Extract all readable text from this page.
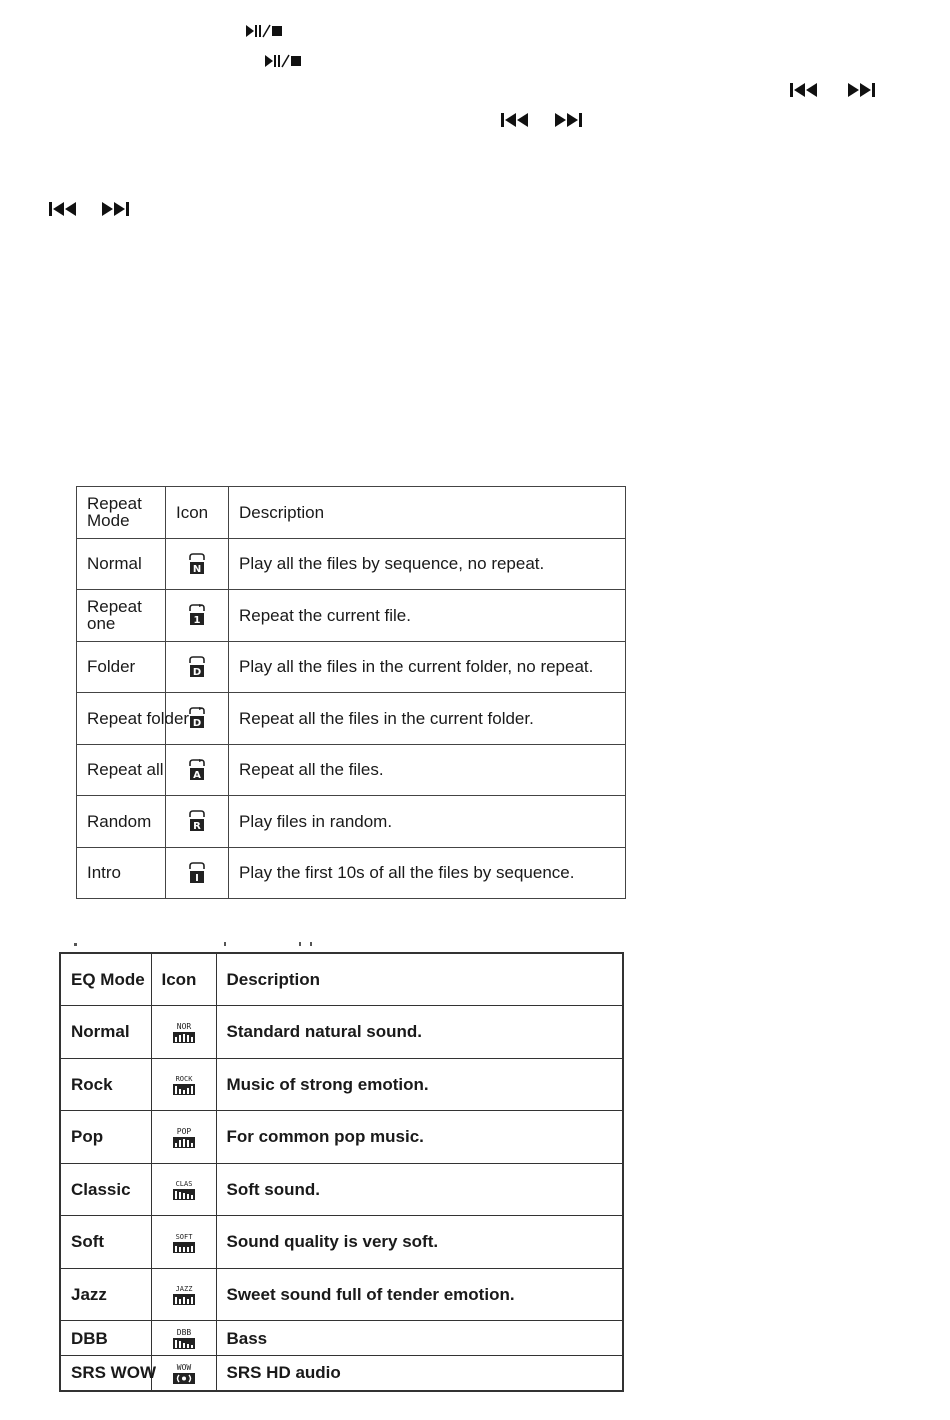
Repeat Mode	Icon	Description
Normal	N	Play all the files by sequence, no repeat.
Repeat one	1	Repeat the current file.
Folder	D	Play all the files in the current folder, no repeat.
Repeat folder	D	Repeat all the files in the current folder.
Repeat all	A	Repeat all the files.
Random	R	Play files in random.
Intro	I	Play the first 10s of all the files by sequence.
EQ Mode	Icon	Description
Normal	NOR	Standard natural sound.
Rock	ROCK	Music of strong emotion.
Pop	POP	For common pop music.
Classic	CLAS	Soft sound.
Soft	SOFT	Sound quality is very soft.
Jazz	JAZZ	Sweet sound full of tender emotion.
DBB	DBB	Bass
SRS WOW	WOW	SRS HD audio
